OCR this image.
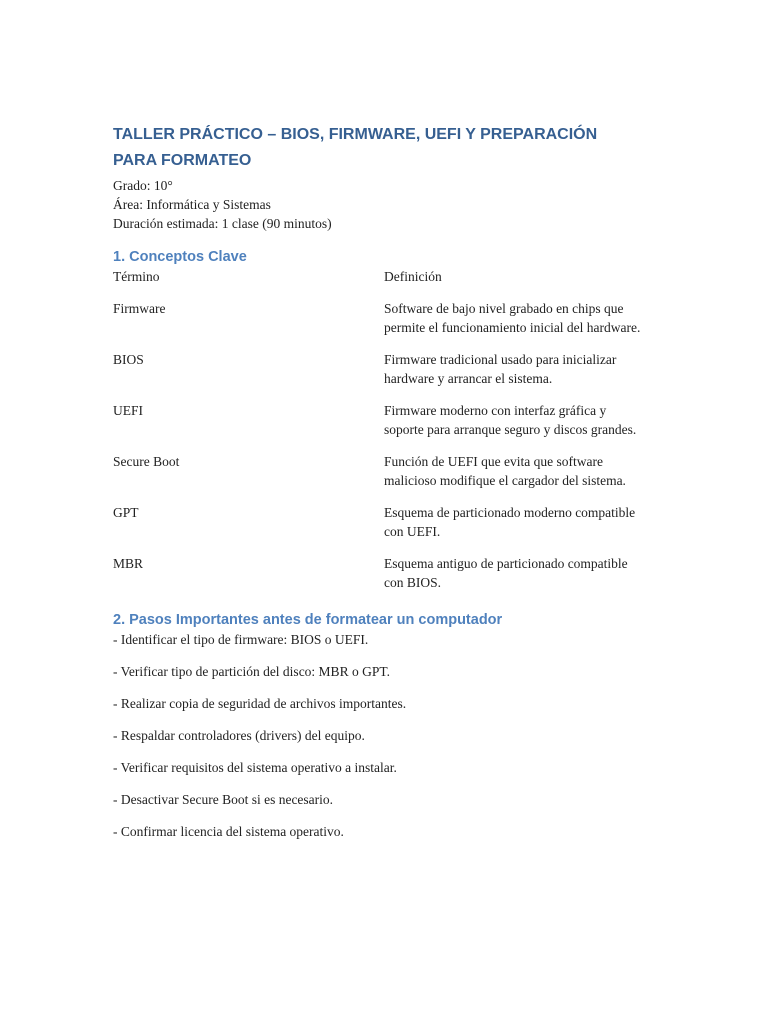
TALLER PRÁCTICO – BIOS, FIRMWARE, UEFI Y PREPARACIÓN PARA FORMATEO
Grado: 10°
Área: Informática y Sistemas
Duración estimada: 1 clase (90 minutos)
1. Conceptos Clave
Término	Definición
Firmware	Software de bajo nivel grabado en chips que permite el funcionamiento inicial del hardware.
BIOS	Firmware tradicional usado para inicializar hardware y arrancar el sistema.
UEFI	Firmware moderno con interfaz gráfica y soporte para arranque seguro y discos grandes.
Secure Boot	Función de UEFI que evita que software malicioso modifique el cargador del sistema.
GPT	Esquema de particionado moderno compatible con UEFI.
MBR	Esquema antiguo de particionado compatible con BIOS.
2. Pasos Importantes antes de formatear un computador
- Identificar el tipo de firmware: BIOS o UEFI.
- Verificar tipo de partición del disco: MBR o GPT.
- Realizar copia de seguridad de archivos importantes.
- Respaldar controladores (drivers) del equipo.
- Verificar requisitos del sistema operativo a instalar.
- Desactivar Secure Boot si es necesario.
- Confirmar licencia del sistema operativo.
